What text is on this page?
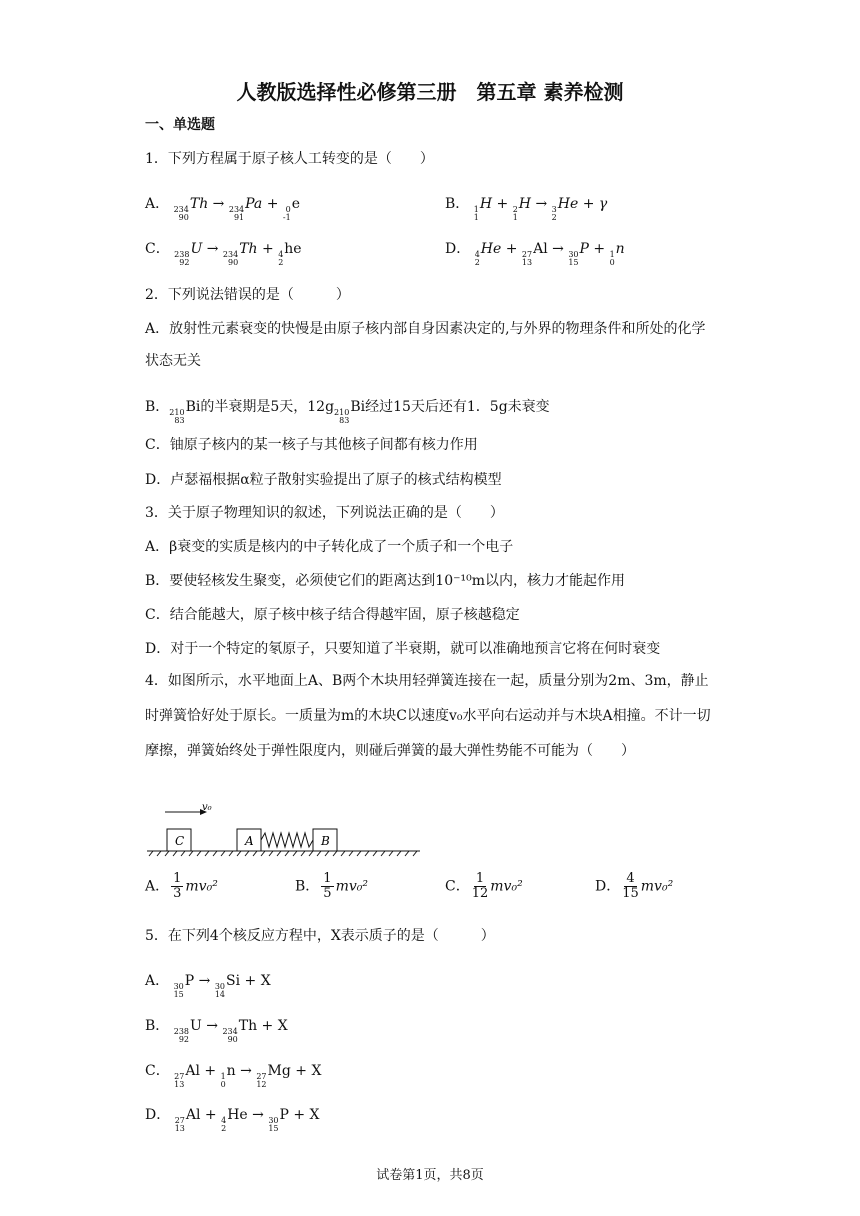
人教版选择性必修第三册　第五章 素养检测
一、单选题
1．下列方程属于原子核人工转变的是（　　）
A． 234
90
Th → 234
91
Pa + 0
-1
e	B． 1
1
H + 2
1
H → 3
2
He + γ
C． 238
92
U → 234
90
Th + 4
2
he	D． 4
2
He + 27
13
Al → 30
15
P + 1
0
n
2．下列说法错误的是（　　　）
A．放射性元素衰变的快慢是由原子核内部自身因素决定的,与外界的物理条件和所处的化学状态无关
B． 210
83
Bi的半衰期是5天，12g 210
83
Bi经过15天后还有1．5g未衰变
C．铀原子核内的某一核子与其他核子间都有核力作用
D．卢瑟福根据α粒子散射实验提出了原子的核式结构模型
3．关于原子物理知识的叙述，下列说法正确的是（　　）
A．β衰变的实质是核内的中子转化成了一个质子和一个电子
B．要使轻核发生聚变，必须使它们的距离达到10⁻¹⁰m以内，核力才能起作用
C．结合能越大，原子核中核子结合得越牢固，原子核越稳定
D．对于一个特定的氡原子，只要知道了半衰期，就可以准确地预言它将在何时衰变
4．如图所示，水平地面上A、B两个木块用轻弹簧连接在一起，质量分别为2m、3m，静止时弹簧恰好处于原长。一质量为m的木块C以速度v₀水平向右运动并与木块A相撞。不计一切摩擦，弹簧始终处于弹性限度内，则碰后弹簧的最大弹性势能不可能为（　　）
v₀
C	A	B
A． $\frac{1}{3} mv_0^2$	B． $\frac{1}{5} mv_0^2$	C． $\frac{1}{12} mv_0^2$	D． $\frac{4}{15} mv_0^2$
5．在下列4个核反应方程中，X表示质子的是（　　　）
A． 30
15
P → 30
14
Si + X
B． 238
92
U → 234
90
Th + X
C． 27
13
Al + 1
0
n → 27
12
Mg + X
D． 27
13
Al + 4
2
He → 30
15
P + X
试卷第1页，共8页
